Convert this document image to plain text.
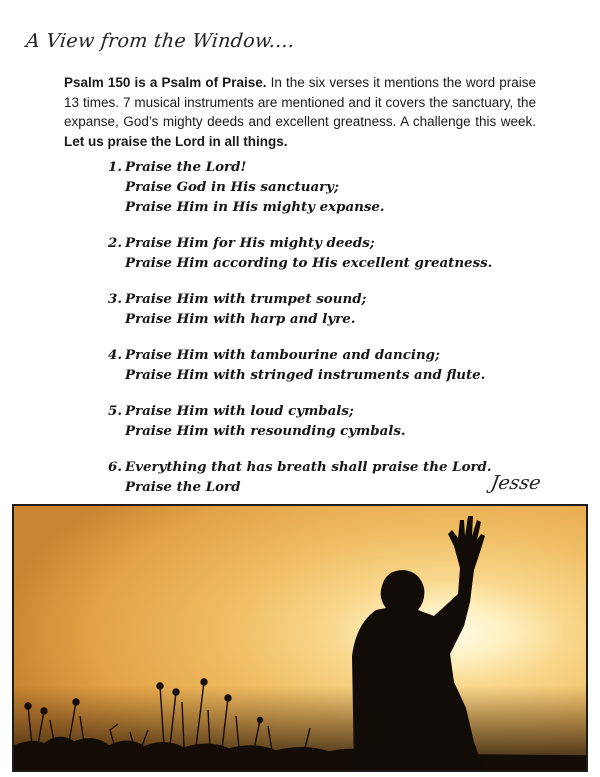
A View from the Window....

Psalm 150 is a Psalm of Praise. In the six verses it mentions the word praise 13 times. 7 musical instruments are mentioned and it covers the sanctuary, the expanse, God’s mighty deeds and excellent greatness. A challenge this week. Let us praise the Lord in all things.

1. Praise the Lord!
Praise God in His sanctuary;
Praise Him in His mighty expanse.
2. Praise Him for His mighty deeds;
Praise Him according to His excellent greatness.
3. Praise Him with trumpet sound;
Praise Him with harp and lyre.
4. Praise Him with tambourine and dancing;
Praise Him with stringed instruments and flute.
5. Praise Him with loud cymbals;
Praise Him with resounding cymbals.
6. Everything that has breath shall praise the Lord.
Praise the Lord	Jesse
